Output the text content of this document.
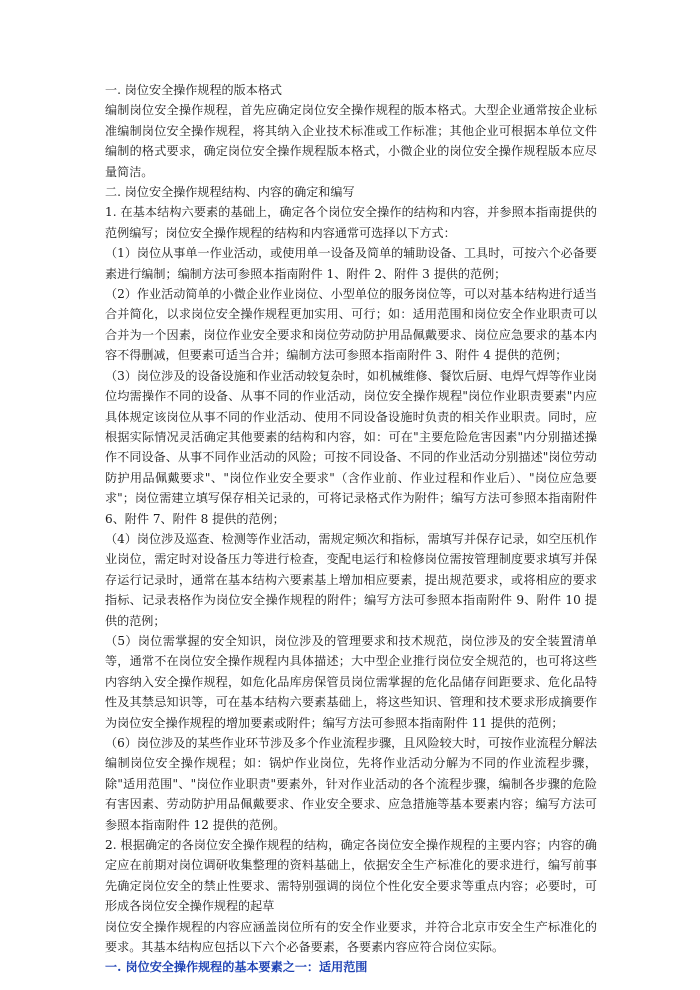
一. 岗位安全操作规程的版本格式

编制岗位安全操作规程，首先应确定岗位安全操作规程的版本格式。大型企业通常按企业标准编制岗位安全操作规程，将其纳入企业技术标准或工作标准；其他企业可根据本单位文件编制的格式要求，确定岗位安全操作规程版本格式，小微企业的岗位安全操作规程版本应尽量简洁。

二. 岗位安全操作规程结构、内容的确定和编写

1. 在基本结构六要素的基础上，确定各个岗位安全操作的结构和内容，并参照本指南提供的范例编写；岗位安全操作规程的结构和内容通常可选择以下方式：

（1）岗位从事单一作业活动，或使用单一设备及简单的辅助设备、工具时，可按六个必备要素进行编制；编制方法可参照本指南附件 1、附件 2、附件 3 提供的范例；

（2）作业活动简单的小微企业作业岗位、小型单位的服务岗位等，可以对基本结构进行适当合并简化，以求岗位安全操作规程更加实用、可行；如：适用范围和岗位安全作业职责可以合并为一个因素，岗位作业安全要求和岗位劳动防护用品佩戴要求、岗位应急要求的基本内容不得删减，但要素可适当合并；编制方法可参照本指南附件 3、附件 4 提供的范例；

（3）岗位涉及的设备设施和作业活动较复杂时，如机械维修、餐饮后厨、电焊气焊等作业岗位均需操作不同的设备、从事不同的作业活动，岗位安全操作规程"岗位作业职责要素"内应具体规定该岗位从事不同的作业活动、使用不同设备设施时负责的相关作业职责。同时，应根据实际情况灵活确定其他要素的结构和内容，如：可在"主要危险危害因素"内分别描述操作不同设备、从事不同作业活动的风险；可按不同设备、不同的作业活动分别描述"岗位劳动防护用品佩戴要求"、"岗位作业安全要求"（含作业前、作业过程和作业后）、"岗位应急要求"；岗位需建立填写保存相关记录的，可将记录格式作为附件；编写方法可参照本指南附件 6、附件 7、附件 8 提供的范例；

（4）岗位涉及巡查、检测等作业活动，需规定频次和指标，需填写并保存记录，如空压机作业岗位，需定时对设备压力等进行检查，变配电运行和检修岗位需按管理制度要求填写并保存运行记录时，通常在基本结构六要素基上增加相应要素，提出规范要求，或将相应的要求指标、记录表格作为岗位安全操作规程的附件；编写方法可参照本指南附件 9、附件 10 提供的范例；

（5）岗位需掌握的安全知识，岗位涉及的管理要求和技术规范，岗位涉及的安全装置清单等，通常不在岗位安全操作规程内具体描述；大中型企业推行岗位安全规范的，也可将这些内容纳入安全操作规程，如危化品库房保管员岗位需掌握的危化品储存间距要求、危化品特性及其禁忌知识等，可在基本结构六要素基础上，将这些知识、管理和技术要求形成摘要作为岗位安全操作规程的增加要素或附件；编写方法可参照本指南附件 11 提供的范例；

（6）岗位涉及的某些作业环节涉及多个作业流程步骤，且风险较大时，可按作业流程分解法编制岗位安全操作规程；如：锅炉作业岗位，先将作业活动分解为不同的作业流程步骤，除"适用范围"、"岗位作业职责"要素外，针对作业活动的各个流程步骤，编制各步骤的危险有害因素、劳动防护用品佩戴要求、作业安全要求、应急措施等基本要素内容；编写方法可参照本指南附件 12 提供的范例。

2. 根据确定的各岗位安全操作规程的结构，确定各岗位安全操作规程的主要内容；内容的确定应在前期对岗位调研收集整理的资料基础上，依据安全生产标准化的要求进行，编写前事先确定岗位安全的禁止性要求、需特别强调的岗位个性化安全要求等重点内容；必要时，可形成各岗位安全操作规程的起草

岗位安全操作规程的内容应涵盖岗位所有的安全作业要求，并符合北京市安全生产标准化的要求。其基本结构应包括以下六个必备要素，各要素内容应符合岗位实际。

一. 岗位安全操作规程的基本要素之一：适用范围
